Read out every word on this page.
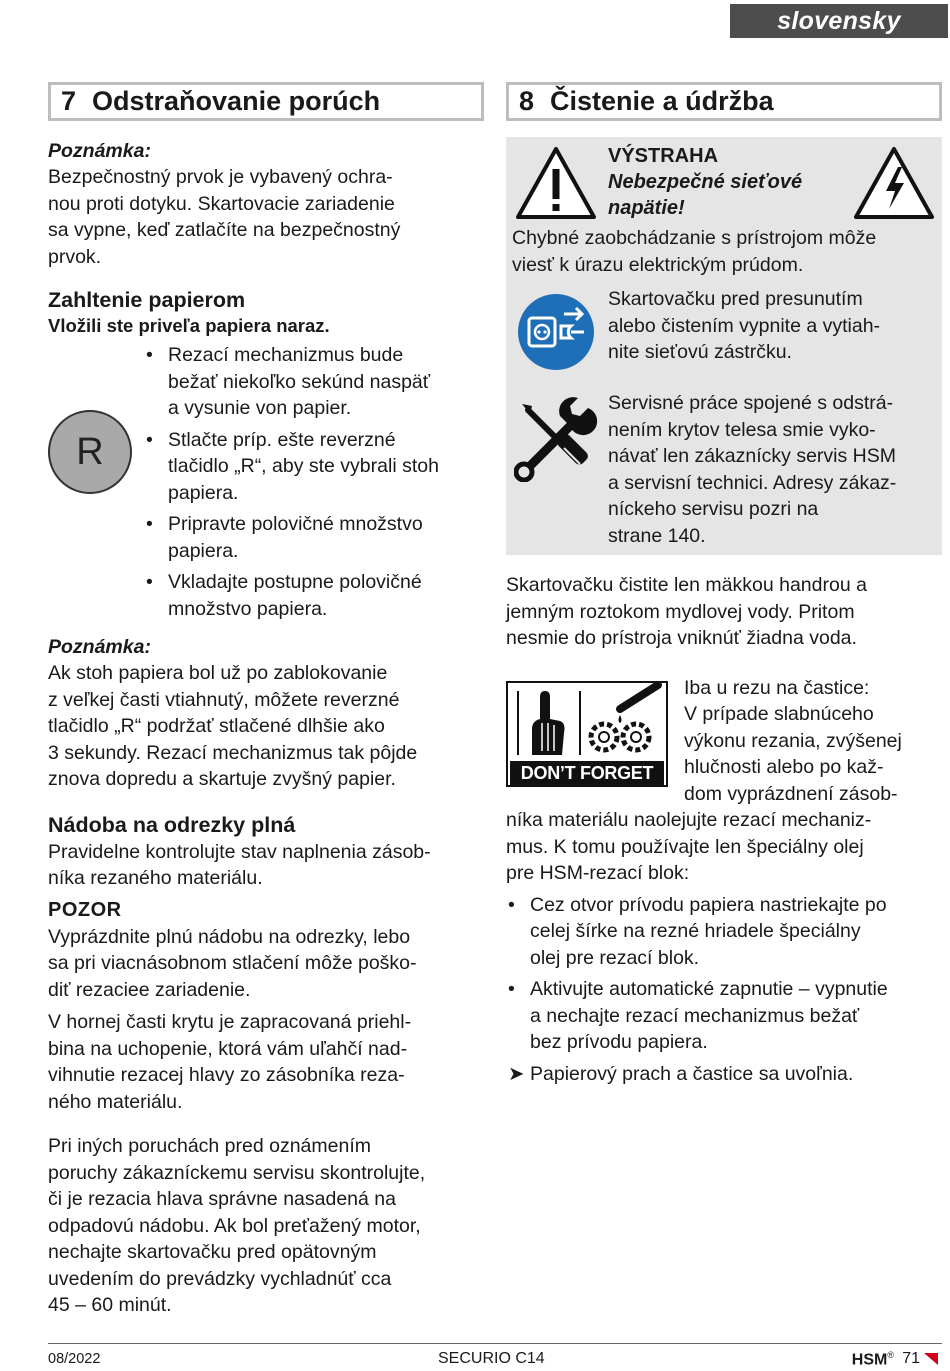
slovensky
7 Odstraňovanie porúch
Poznámka:

Bezpečnostný prvok je vybavený ochra-

nou proti dotyku. Skartovacie zariadenie

sa vypne, keď zatlačíte na bezpečnostný

prvok.

Zahltenie papierom
Vložili ste priveľa papiera naraz.
R
• Rezací mechanizmus bude
bežať niekoľko sekúnd naspäť
a vysunie von papier.
• Stlačte príp. ešte reverzné
tlačidlo „R“, aby ste vybrali stoh
papiera.
• Pripravte polovičné množstvo
papiera.
• Vkladajte postupne polovičné
množstvo papiera.
Poznámka:

Ak stoh papiera bol už po zablokovanie

z veľkej časti vtiahnutý, môžete reverzné

tlačidlo „R“ podržať stlačené dlhšie ako

3 sekundy. Rezací mechanizmus tak pôjde

znova dopredu a skartuje zvyšný papier.

Nádoba na odrezky plná

Pravidelne kontrolujte stav naplnenia zásob-

níka rezaného materiálu.

POZOR

Vyprázdnite plnú nádobu na odrezky, lebo

sa pri viacnásobnom stlačení môže poško-

diť rezaciee zariadenie.

V hornej časti krytu je zapracovaná priehl-

bina na uchopenie, ktorá vám uľahčí nad-

vihnutie rezacej hlavy zo zásobníka reza-

ného materiálu.

Pri iných poruchách pred oznámením

poruchy zákazníckemu servisu skontrolujte,

či je rezacia hlava správne nasadená na

odpadovú nádobu. Ak bol preťažený motor,

nechajte skartovačku pred opätovným

uvedením do prevádzky vychladnúť cca

45 – 60 minút.

8 Čistenie a údržba
VÝSTRAHA
Nebezpečné sieťové
napätie!

Chybné zaobchádzanie s prístrojom môže

viesť k úrazu elektrickým prúdom.

Skartovačku pred presunutím

alebo čistením vypnite a vytiah-

nite sieťovú zástrčku.

Servisné práce spojené s odstrá-

nením krytov telesa smie vyko-

návať len zákaznícky servis HSM

a servisní technici. Adresy zákaz-

níckeho servisu pozri na

strane 140.

Skartovačku čistite len mäkkou handrou a

jemným roztokom mydlovej vody. Pritom

nesmie do prístroja vniknúť žiadna voda.

DON’T FORGET

Iba u rezu na častice:

V prípade slabnúceho

výkonu rezania, zvýšenej

hlučnosti alebo po kaž-

dom vyprázdnení zásob-

níka materiálu naolejujte rezací mechaniz-

mus. K tomu používajte len špeciálny olej

pre HSM-rezací blok:

• Cez otvor prívodu papiera nastriekajte po
celej šírke na rezné hriadele špeciálny
olej pre rezací blok.
• Aktivujte automatické zapnutie – vypnutie
a nechajte rezací mechanizmus bežať
bez prívodu papiera.
➤ Papierový prach a častice sa uvoľnia.
08/2022	SECURIO C14	HSM® 71
